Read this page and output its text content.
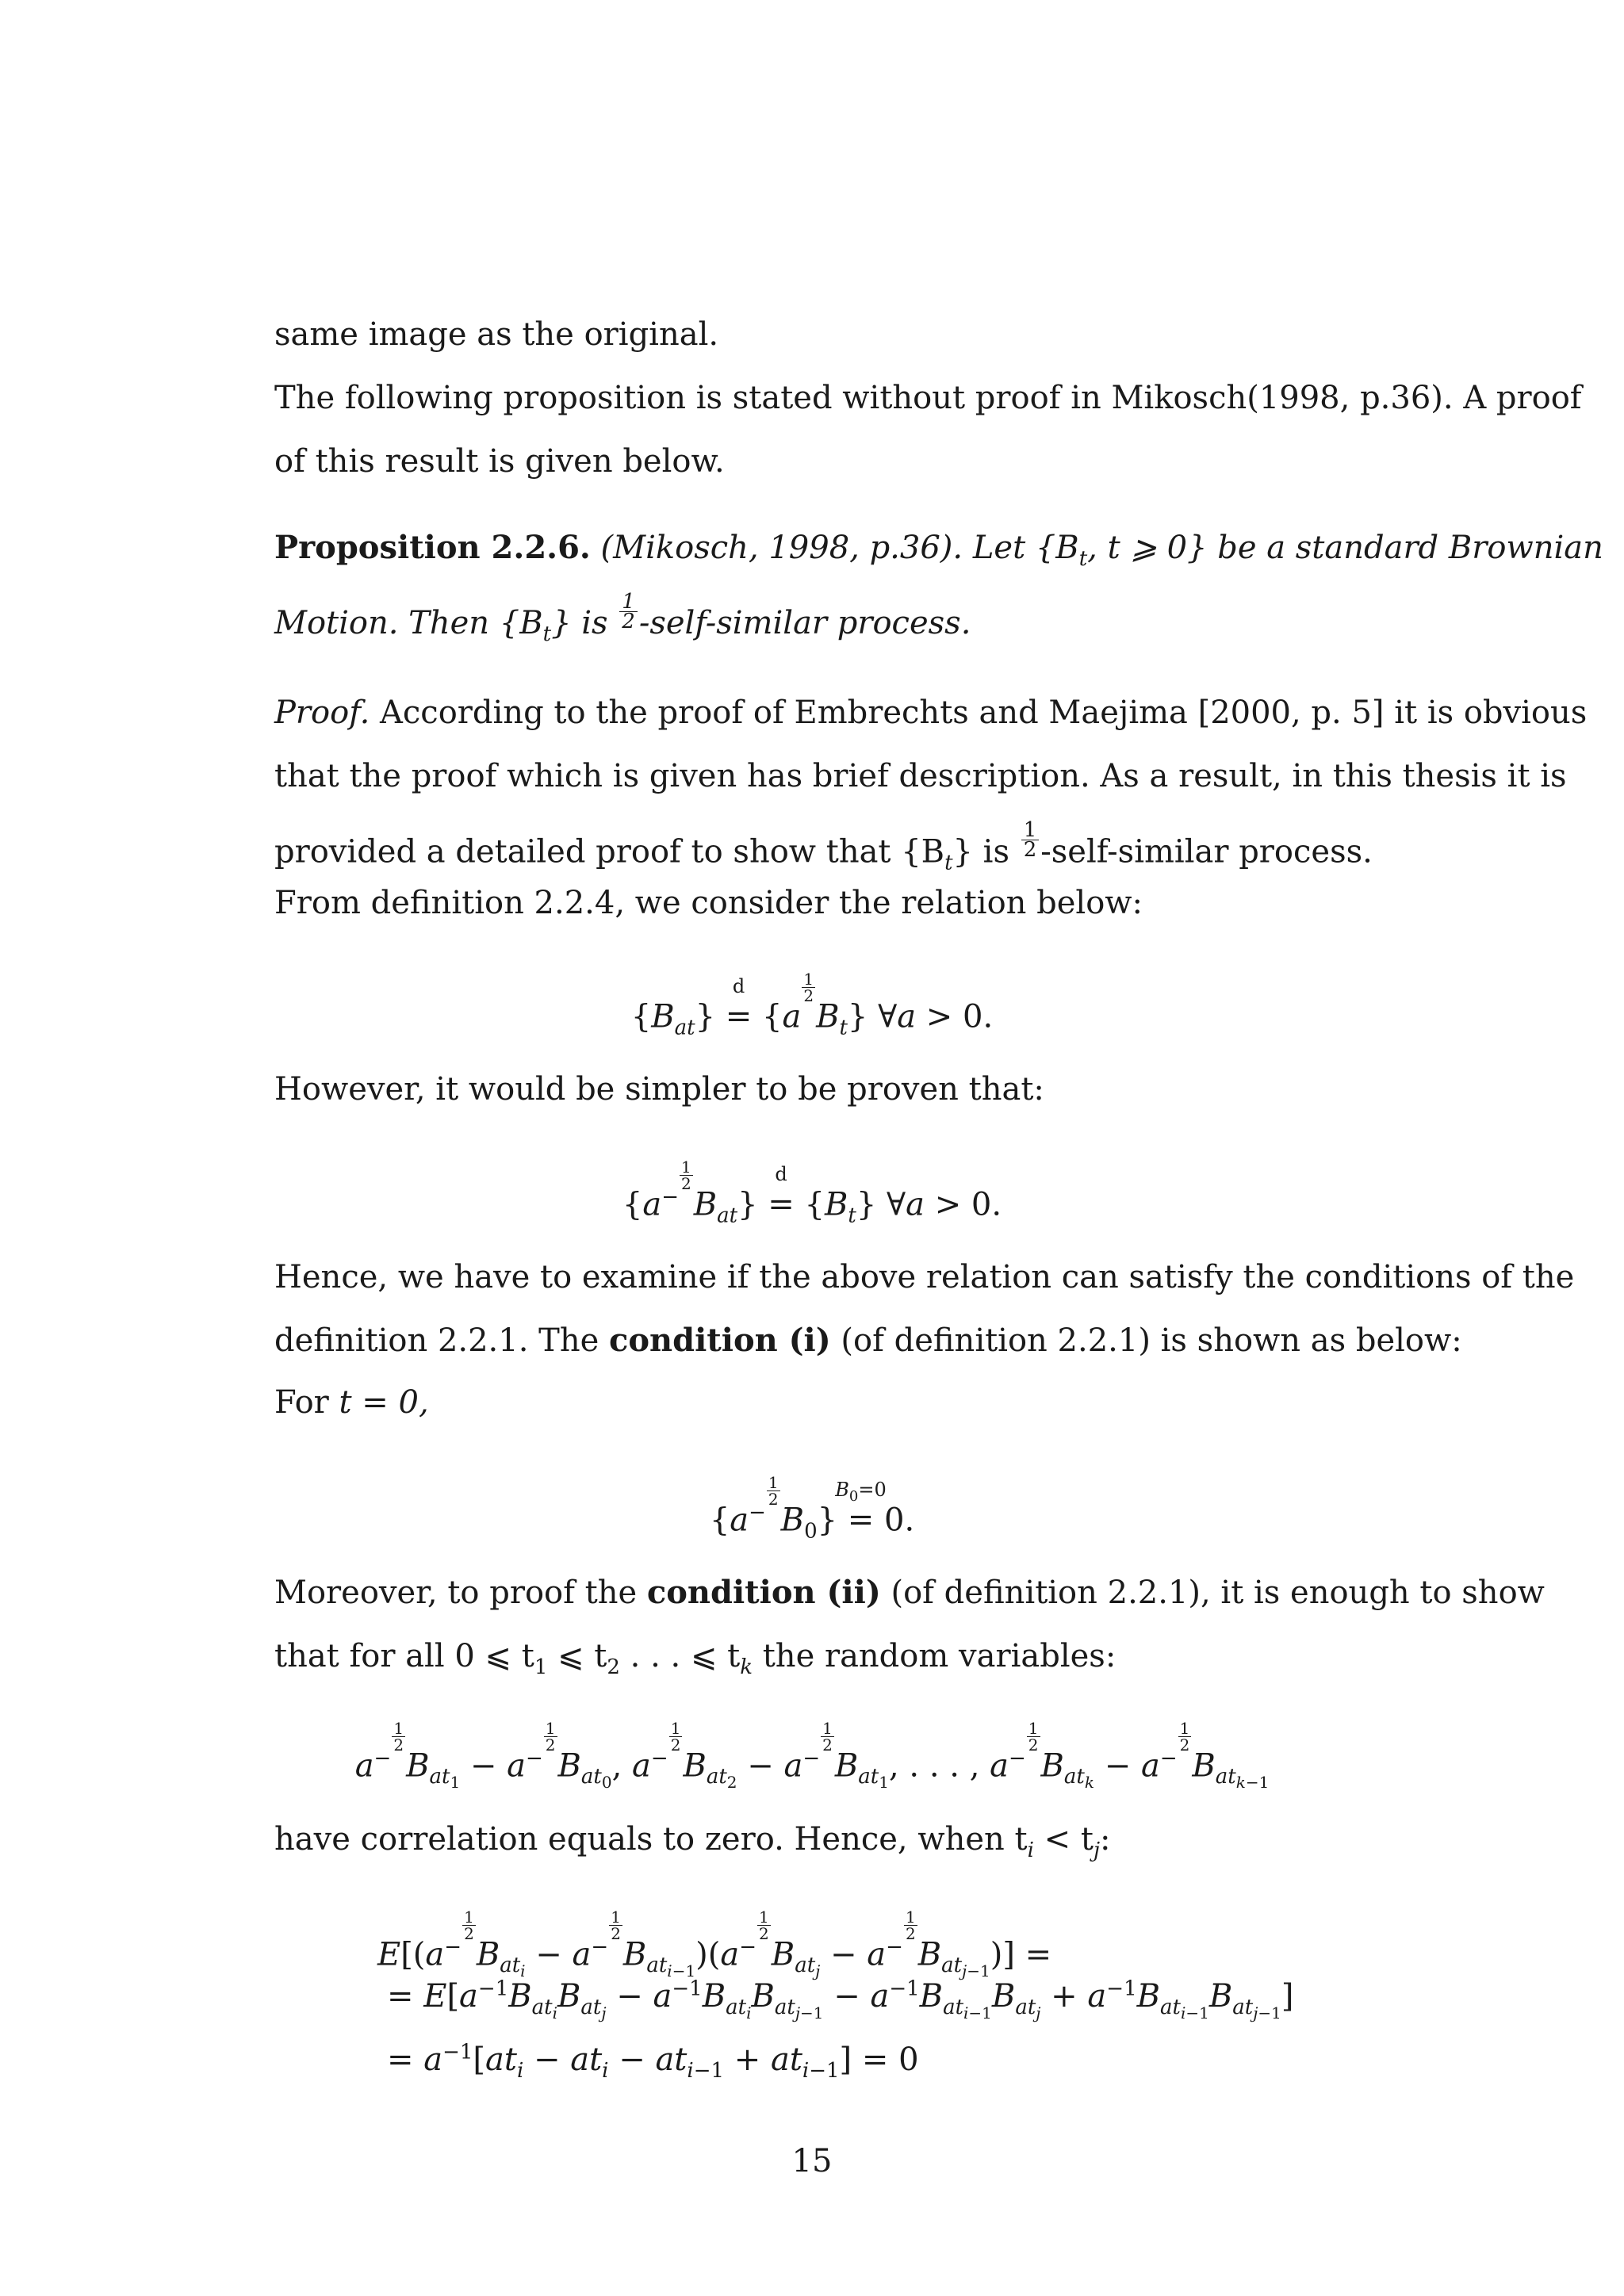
same image as the original.
The following proposition is stated without proof in Mikosch(1998, p.36). A proof
of this result is given below.
Proposition 2.2.6. (Mikosch, 1998, p.36). Let {$B_t$, t ⩾ 0} be a standard Brownian
Motion. Then $\{B_t\}$ is $\frac{1}{2}$ -self-similar process.
Proof. According to the proof of Embrechts and Maejima [2000, p. 5] it is obvious
that the proof which is given has brief description. As a result, in this thesis it is
provided a detailed proof to show that $\{B_t\}$ is $\frac{1}{2}$ -self-similar process.
From definition 2.2.4, we consider the relation below:
$\{B_{at}\}$
d
= {a
$^{\frac{1}{2}}$
$B_t$} ∀a > 0.
However, it would be simpler to be proven that:
{$a^{- \frac{1}{2}}$
$B_{at}$}
d
= $\{B_t\}$ ∀a > 0.
Hence, we have to examine if the above relation can satisfy the conditions of the
definition 2.2.1. The condition (i) (of definition 2.2.1) is shown as below:
For t = 0,
{$a^{- \frac{1}{2}}$
$B_0$}
$B_0=0$
= 0.
Moreover, to proof the condition (ii) (of definition 2.2.1), it is enough to show
that for all 0 ⩽ $t_1$ ⩽ $t_2$ . . . ⩽ $t_k$ the random variables:
$a^{- \frac{1}{2}}$
$B_{at_1} - a^{- \frac{1}{2}}$
$B_{at_0}$, $a^{- \frac{1}{2}}$
$B_{at_2} - a^{- \frac{1}{2}}$
$B_{at_1}$, . . . , $a^{- \frac{1}{2}}$
$B_{at_k} - a^{- \frac{1}{2}}$
$B_{at_{k-1}}$
have correlation equals to zero. Hence, when $t_i < t_j$:
$E[(a^{- \frac{1}{2}}$
$B_{at_i} - a^{- \frac{1}{2}}$
$B_{at_{i-1}})(a^{- \frac{1}{2}}$
$B_{at_j} - a^{- \frac{1}{2}}$
$B_{at_{j-1}}$)] =
= $E[a^{-1}B_{at_i}B_{at_j} - a^{-1}B_{at_i}B_{at_{j-1}} - a^{-1}B_{at_{i-1}}B_{at_j} + a^{-1}B_{at_{i-1}}B_{at_{j-1}}]$
= $a^{-1}[at_i - at_i - at_{i-1} + at_{i-1}] = 0$
15
